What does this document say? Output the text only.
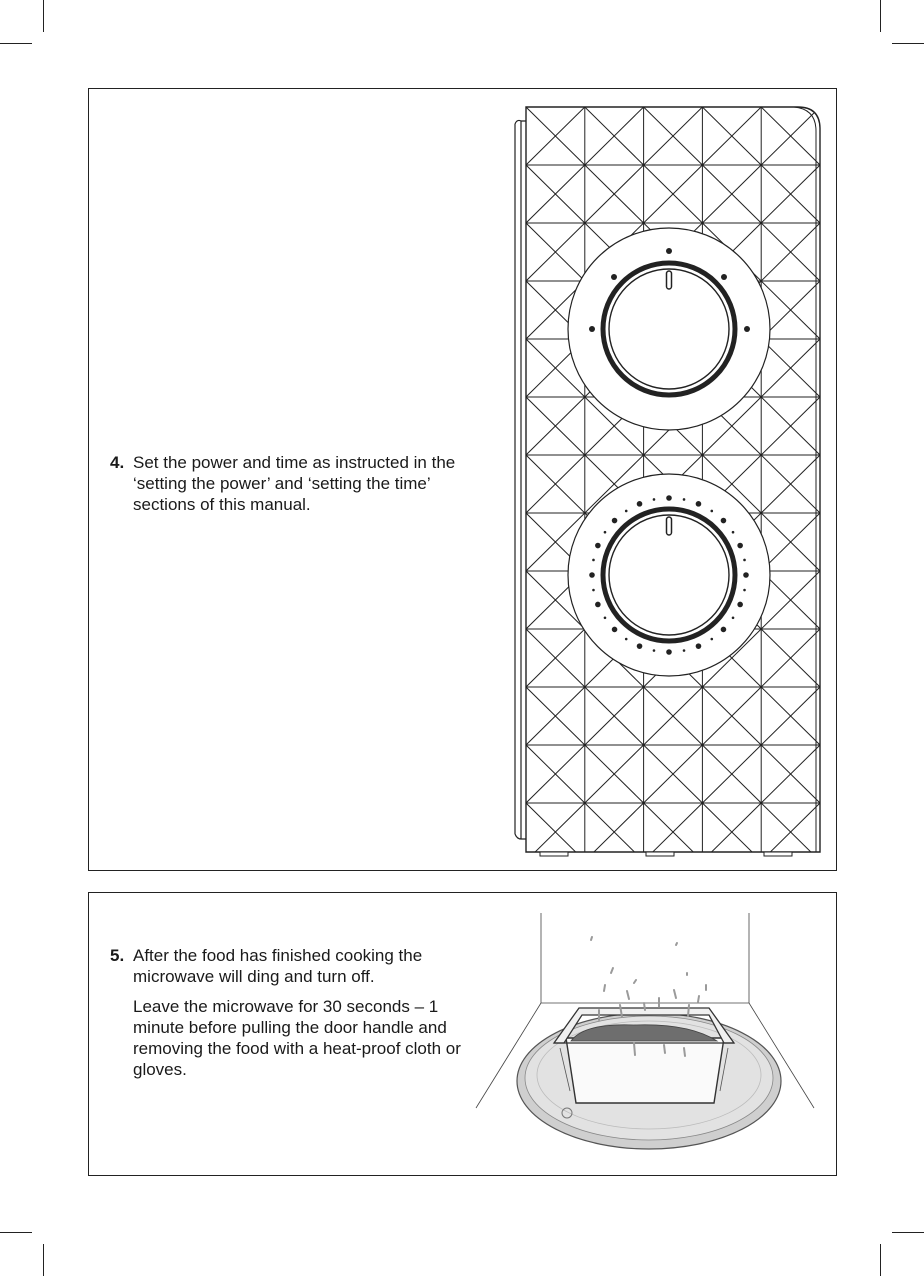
4. Set the power and time as instructed in the ‘setting the power’ and ‘setting the time’ sections of this manual.

5. After the food has finished cooking the microwave will ding and turn off.

Leave the microwave for 30 seconds – 1 minute before pulling the door handle and removing the food with a heat-proof cloth or gloves.
